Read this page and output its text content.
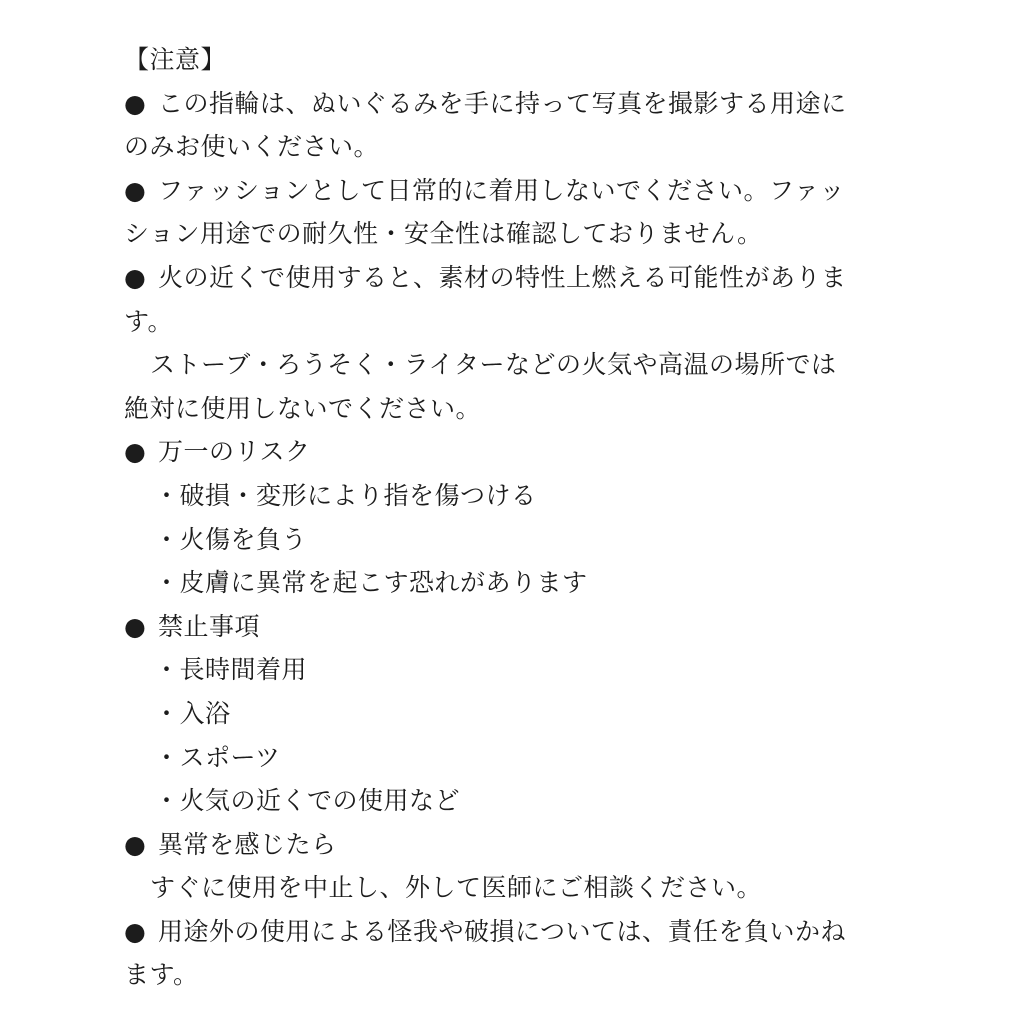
【注意】
● この指輪は、ぬいぐるみを手に持って写真を撮影する用途に
のみお使いください。
● ファッションとして日常的に着用しないでください。ファッ
ション用途での耐久性・安全性は確認しておりません。
● 火の近くで使用すると、素材の特性上燃える可能性がありま
す。
ストーブ・ろうそく・ライターなどの火気や高温の場所では
絶対に使用しないでください。
● 万一のリスク
・破損・変形により指を傷つける
・火傷を負う
・皮膚に異常を起こす恐れがあります
● 禁止事項
・長時間着用
・入浴
・スポーツ
・火気の近くでの使用など
● 異常を感じたら
すぐに使用を中止し、外して医師にご相談ください。
● 用途外の使用による怪我や破損については、責任を負いかね
ます。
